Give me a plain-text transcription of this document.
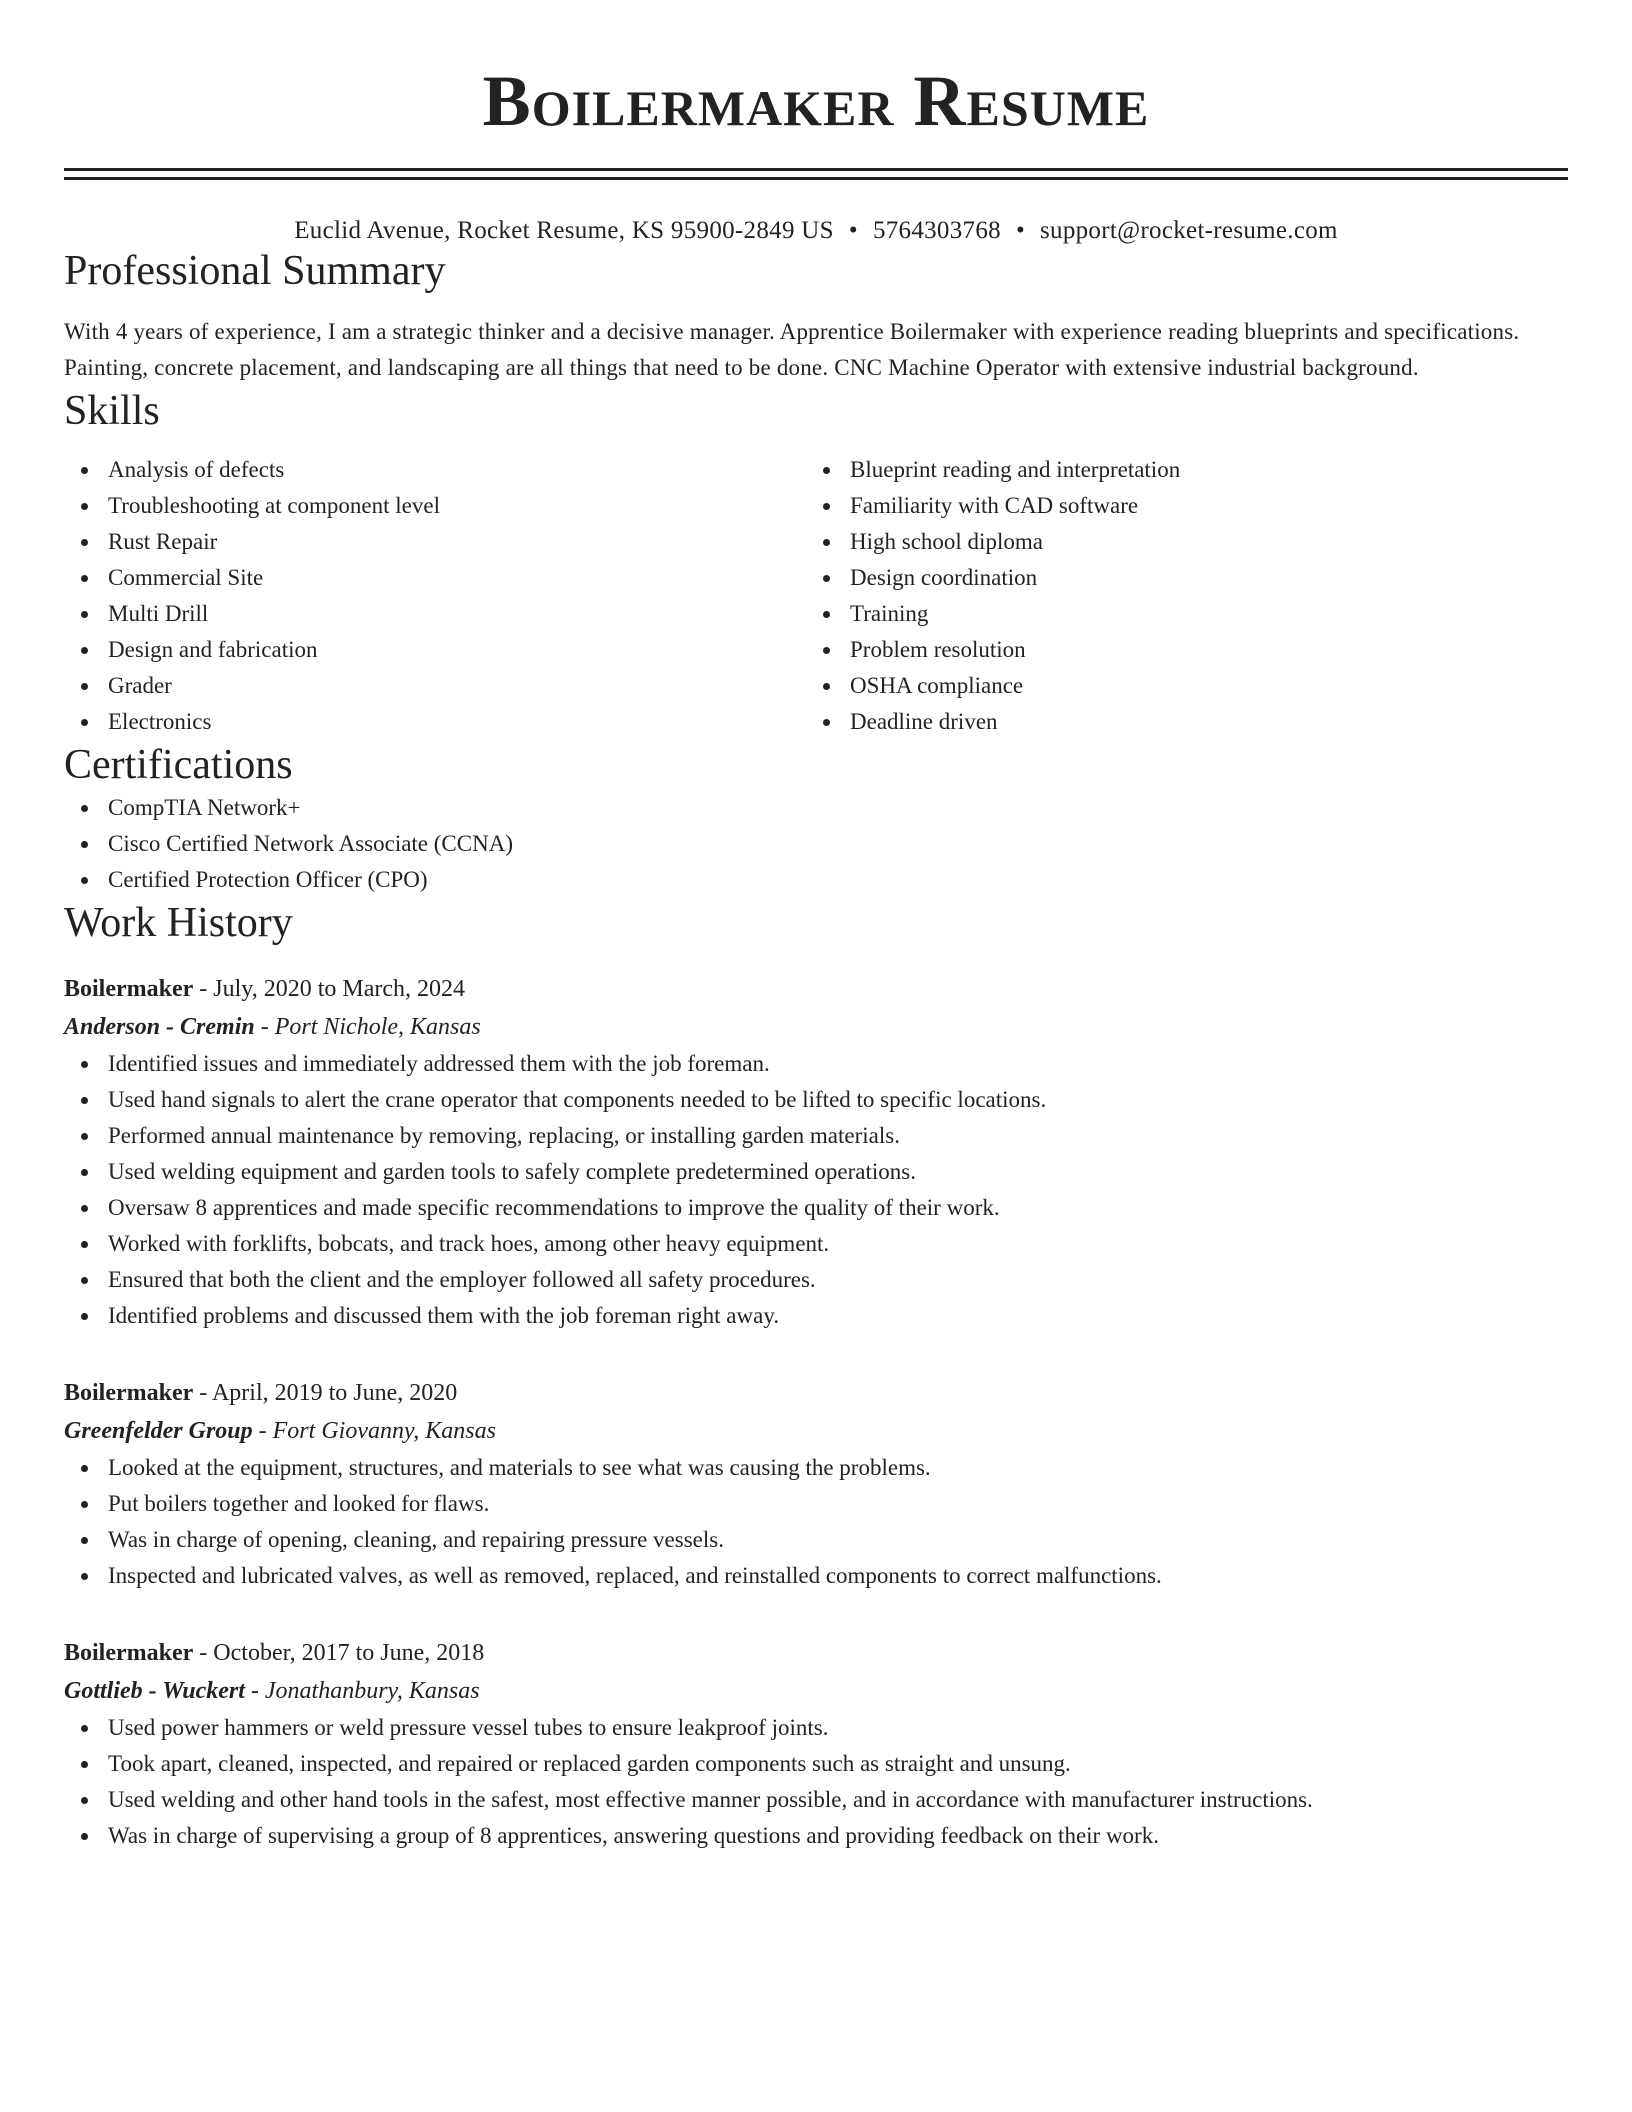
Boilermaker Resume
Euclid Avenue, Rocket Resume, KS 95900-2849 US • 5764303768 • support@rocket-resume.com
Professional Summary
With 4 years of experience, I am a strategic thinker and a decisive manager. Apprentice Boilermaker with experience reading blueprints and specifications. Painting, concrete placement, and landscaping are all things that need to be done. CNC Machine Operator with extensive industrial background.
Skills
Analysis of defects
Troubleshooting at component level
Rust Repair
Commercial Site
Multi Drill
Design and fabrication
Grader
Electronics
Blueprint reading and interpretation
Familiarity with CAD software
High school diploma
Design coordination
Training
Problem resolution
OSHA compliance
Deadline driven
Certifications
CompTIA Network+
Cisco Certified Network Associate (CCNA)
Certified Protection Officer (CPO)
Work History
Boilermaker - July, 2020 to March, 2024
Anderson - Cremin - Port Nichole, Kansas
Identified issues and immediately addressed them with the job foreman.
Used hand signals to alert the crane operator that components needed to be lifted to specific locations.
Performed annual maintenance by removing, replacing, or installing garden materials.
Used welding equipment and garden tools to safely complete predetermined operations.
Oversaw 8 apprentices and made specific recommendations to improve the quality of their work.
Worked with forklifts, bobcats, and track hoes, among other heavy equipment.
Ensured that both the client and the employer followed all safety procedures.
Identified problems and discussed them with the job foreman right away.
Boilermaker - April, 2019 to June, 2020
Greenfelder Group - Fort Giovanny, Kansas
Looked at the equipment, structures, and materials to see what was causing the problems.
Put boilers together and looked for flaws.
Was in charge of opening, cleaning, and repairing pressure vessels.
Inspected and lubricated valves, as well as removed, replaced, and reinstalled components to correct malfunctions.
Boilermaker - October, 2017 to June, 2018
Gottlieb - Wuckert - Jonathanbury, Kansas
Used power hammers or weld pressure vessel tubes to ensure leakproof joints.
Took apart, cleaned, inspected, and repaired or replaced garden components such as straight and unsung.
Used welding and other hand tools in the safest, most effective manner possible, and in accordance with manufacturer instructions.
Was in charge of supervising a group of 8 apprentices, answering questions and providing feedback on their work.
